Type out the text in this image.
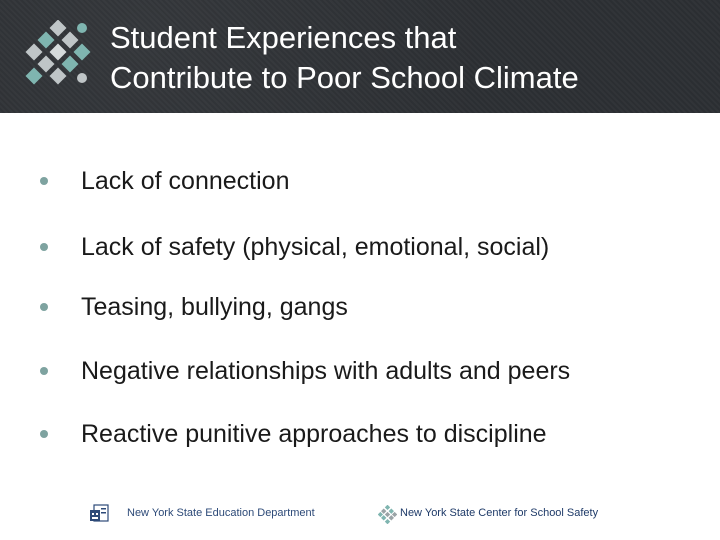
Student Experiences that
Contribute to Poor School Climate
Lack of connection
Lack of safety (physical, emotional, social)
Teasing, bullying, gangs
Negative relationships with adults and peers
Reactive punitive approaches to discipline
New York State Education Department	New York State Center for School Safety
